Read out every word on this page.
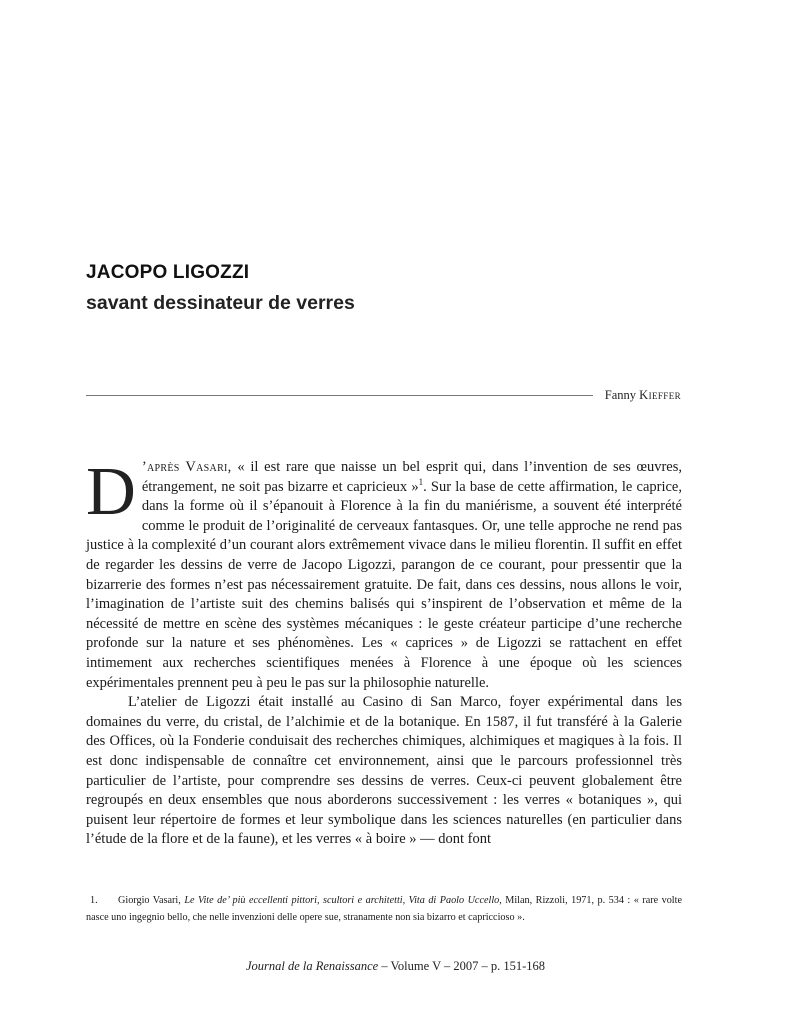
JACOPO LIGOZZI
savant dessinateur de verres
Fanny Kieffer

D ’après Vasari, « il est rare que naisse un bel esprit qui, dans l’invention de ses œuvres, étrangement, ne soit pas bizarre et capricieux »$^1$. Sur la base de cette affirmation, le caprice, dans la forme où il s’épanouit à Florence à la fin du maniérisme, a souvent été interprété comme le produit de l’originalité de cerveaux fantasques. Or, une telle approche ne rend pas justice à la complexité d’un courant alors extrêmement vivace dans le milieu florentin. Il suffit en effet de regarder les dessins de verre de Jacopo Ligozzi, parangon de ce courant, pour pressentir que la bizarrerie des formes n’est pas nécessairement gratuite. De fait, dans ces dessins, nous allons le voir, l’imagination de l’artiste suit des chemins balisés qui s’inspirent de l’observation et même de la nécessité de mettre en scène des systèmes mécaniques : le geste créateur participe d’une recherche profonde sur la nature et ses phénomènes. Les « caprices » de Ligozzi se rattachent en effet intimement aux recherches scientifiques menées à Florence à une époque où les sciences expérimentales prennent peu à peu le pas sur la philosophie naturelle.

L’atelier de Ligozzi était installé au Casino di San Marco, foyer expérimental dans les domaines du verre, du cristal, de l’alchimie et de la botanique. En 1587, il fut transféré à la Galerie des Offices, où la Fonderie conduisait des recherches chimiques, alchimiques et magiques à la fois. Il est donc indispensable de connaître cet environnement, ainsi que le parcours professionnel très particulier de l’artiste, pour comprendre ses dessins de verres. Ceux-ci peuvent globalement être regroupés en deux ensembles que nous aborderons successivement : les verres « botaniques », qui puisent leur répertoire de formes et leur symbolique dans les sciences naturelles (en particulier dans l’étude de la flore et de la faune), et les verres « à boire » — dont font

1. Giorgio Vasari, Le Vite de’ più eccellenti pittori, scultori e architetti, Vita di Paolo Uccello, Milan, Rizzoli, 1971, p. 534 : « rare volte nasce uno ingegnio bello, che nelle invenzioni delle opere sue, stranamente non sia bizarro et capriccioso ».
Journal de la Renaissance – Volume V – 2007 – p. 151-168
